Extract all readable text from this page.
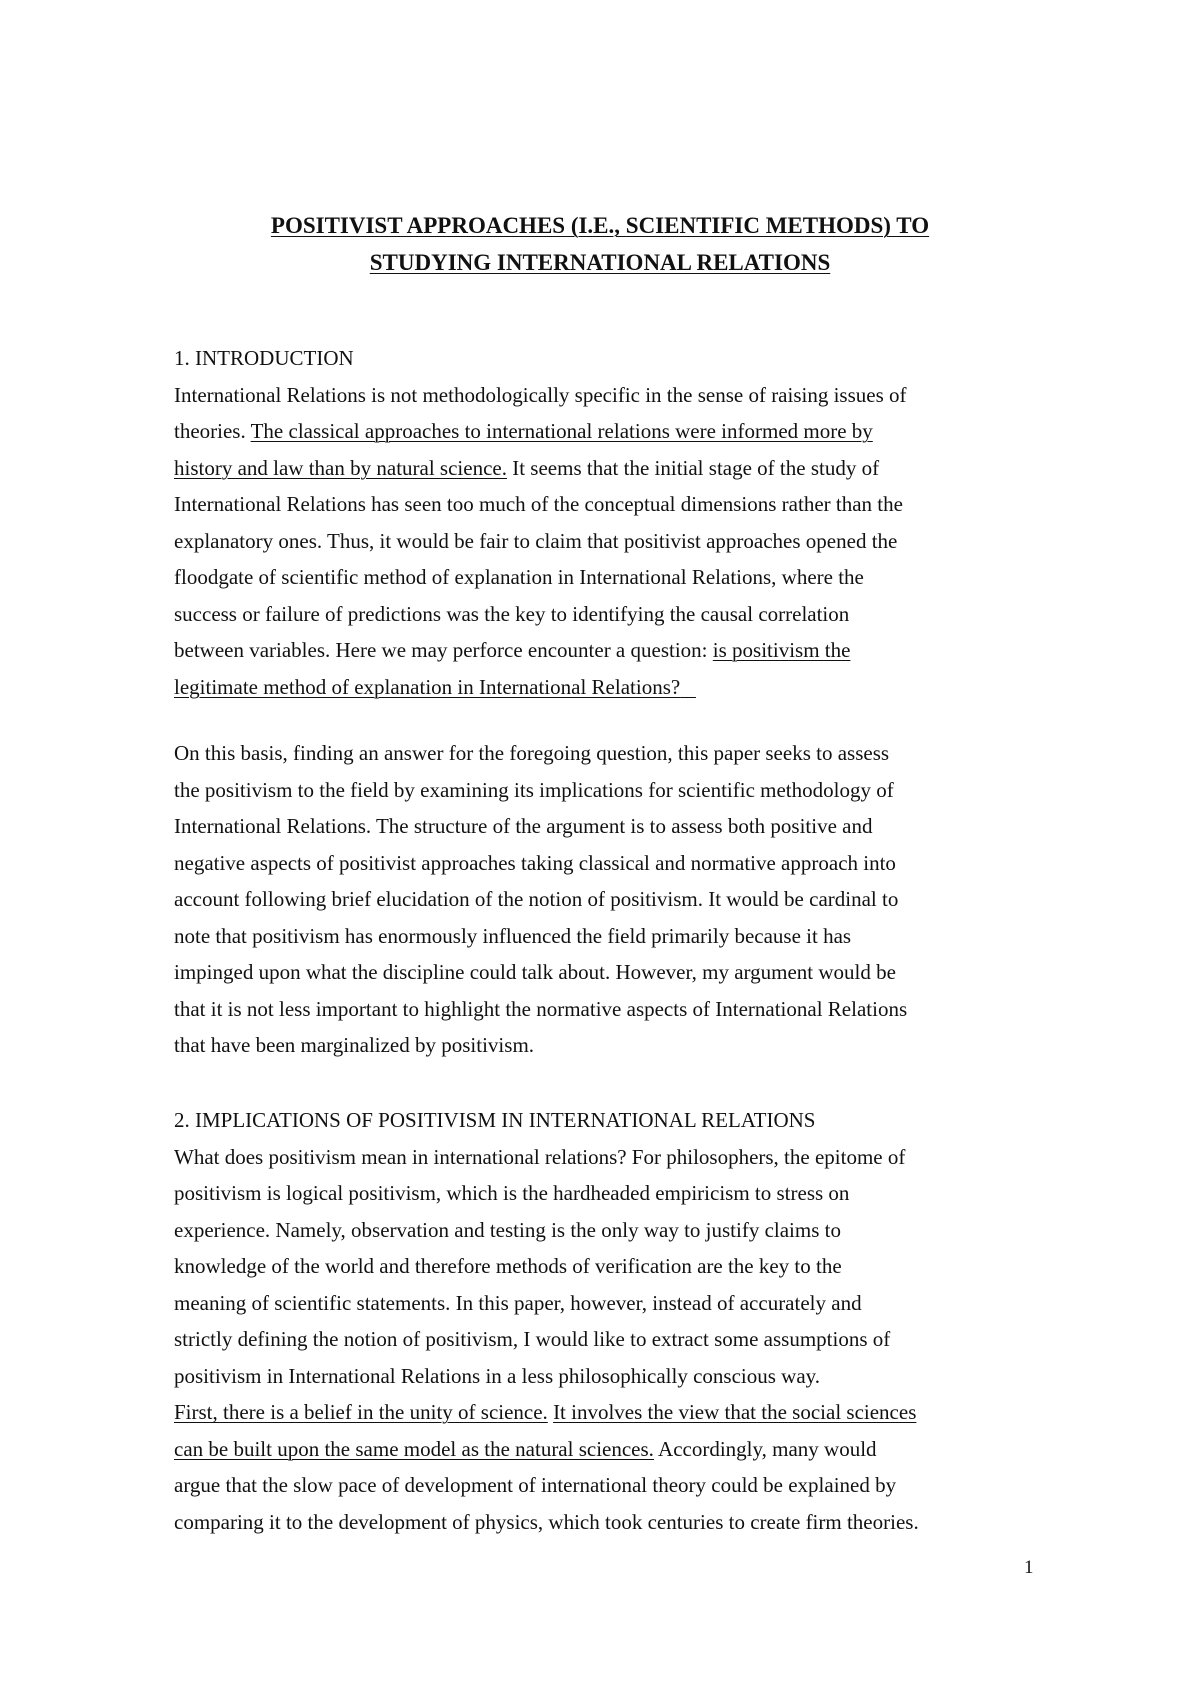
POSITIVIST APPROACHES (I.E., SCIENTIFIC METHODS) TO
STUDYING INTERNATIONAL RELATIONS
1. INTRODUCTION

International Relations is not methodologically specific in the sense of raising issues of
theories. The classical approaches to international relations were informed more by
history and law than by natural science. It seems that the initial stage of the study of
International Relations has seen too much of the conceptual dimensions rather than the
explanatory ones. Thus, it would be fair to claim that positivist approaches opened the
floodgate of scientific method of explanation in International Relations, where the
success or failure of predictions was the key to identifying the causal correlation
between variables. Here we may perforce encounter a question: is positivism the
legitimate method of explanation in International Relations?

On this basis, finding an answer for the foregoing question, this paper seeks to assess
the positivism to the field by examining its implications for scientific methodology of
International Relations. The structure of the argument is to assess both positive and
negative aspects of positivist approaches taking classical and normative approach into
account following brief elucidation of the notion of positivism. It would be cardinal to
note that positivism has enormously influenced the field primarily because it has
impinged upon what the discipline could talk about. However, my argument would be
that it is not less important to highlight the normative aspects of International Relations
that have been marginalized by positivism.

2. IMPLICATIONS OF POSITIVISM IN INTERNATIONAL RELATIONS

What does positivism mean in international relations? For philosophers, the epitome of
positivism is logical positivism, which is the hardheaded empiricism to stress on
experience. Namely, observation and testing is the only way to justify claims to
knowledge of the world and therefore methods of verification are the key to the
meaning of scientific statements. In this paper, however, instead of accurately and
strictly defining the notion of positivism, I would like to extract some assumptions of
positivism in International Relations in a less philosophically conscious way.

First, there is a belief in the unity of science. It involves the view that the social sciences
can be built upon the same model as the natural sciences. Accordingly, many would
argue that the slow pace of development of international theory could be explained by
comparing it to the development of physics, which took centuries to create firm theories.

1
